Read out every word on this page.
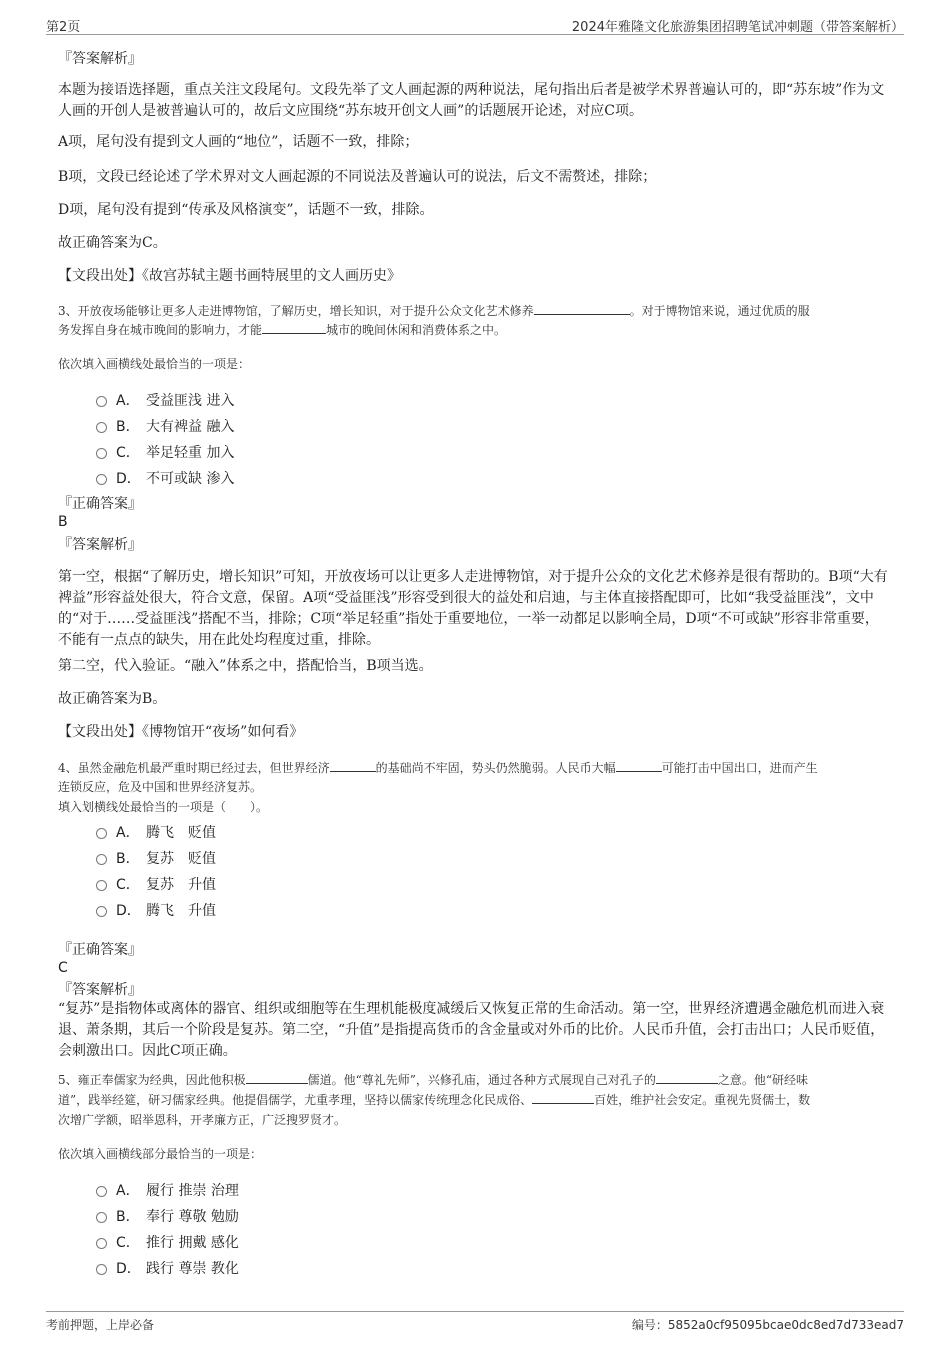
第2页	2024年雅隆文化旅游集团招聘笔试冲刺题（带答案解析）
『答案解析』
本题为接语选择题，重点关注文段尾句。文段先举了文人画起源的两种说法，尾句指出后者是被学术界普遍认可的，即“苏东坡”作为文人画的开创人是被普遍认可的，故后文应围绕“苏东坡开创文人画”的话题展开论述，对应C项。
A项，尾句没有提到文人画的“地位”，话题不一致，排除；
B项，文段已经论述了学术界对文人画起源的不同说法及普遍认可的说法，后文不需赘述，排除；
D项，尾句没有提到“传承及风格演变”，话题不一致，排除。
故正确答案为C。
【文段出处】《故宫苏轼主题书画特展里的文人画历史》
3、开放夜场能够让更多人走进博物馆，了解历史，增长知识，对于提升公众文化艺术修养	。对于博物馆来说，通过优质的服
务发挥自身在城市晚间的影响力，才能	城市的晚间休闲和消费体系之中。
依次填入画横线处最恰当的一项是：
A． 受益匪浅 进入
B． 大有裨益 融入
C． 举足轻重 加入
D． 不可或缺 渗入
『正确答案』
B
『答案解析』
第一空，根据“了解历史，增长知识”可知，开放夜场可以让更多人走进博物馆，对于提升公众的文化艺术修养是很有帮助的。B项“大有裨益”形容益处很大，符合文意，保留。A项“受益匪浅”形容受到很大的益处和启迪，与主体直接搭配即可，比如“我受益匪浅”，文中的“对于……受益匪浅”搭配不当，排除；C项“举足轻重”指处于重要地位，一举一动都足以影响全局，D项“不可或缺”形容非常重要，不能有一点点的缺失，用在此处均程度过重，排除。
第二空，代入验证。“融入”体系之中，搭配恰当，B项当选。
故正确答案为B。
【文段出处】《博物馆开“夜场”如何看》
4、虽然金融危机最严重时期已经过去，但世界经济	的基础尚不牢固，势头仍然脆弱。人民币大幅	可能打击中国出口，进而产生
连锁反应，危及中国和世界经济复苏。
填入划横线处最恰当的一项是（　　）。
A． 腾飞　贬值
B． 复苏　贬值
C． 复苏　升值
D． 腾飞　升值
『正确答案』
C
『答案解析』
“复苏”是指物体或离体的器官、组织或细胞等在生理机能极度减缓后又恢复正常的生命活动。第一空，世界经济遭遇金融危机而进入衰退、萧条期，其后一个阶段是复苏。第二空，“升值”是指提高货币的含金量或对外币的比价。人民币升值，会打击出口；人民币贬值，会刺激出口。因此C项正确。
5、雍正奉儒家为经典，因此他积极	儒道。他“尊礼先师”，兴修孔庙，通过各种方式展现自己对孔子的	之意。他“研经味
道”，践举经筵，研习儒家经典。他提倡儒学，尤重孝理，坚持以儒家传统理念化民成俗、	百姓，维护社会安定。重视先贤儒士，数
次增广学额，昭举恩科，开孝廉方正，广泛搜罗贤才。
依次填入画横线部分最恰当的一项是：
A． 履行 推崇 治理
B． 奉行 尊敬 勉励
C． 推行 拥戴 感化
D． 践行 尊崇 教化
考前押题，上岸必备	编号：5852a0cf95095bcae0dc8ed7d733ead7
